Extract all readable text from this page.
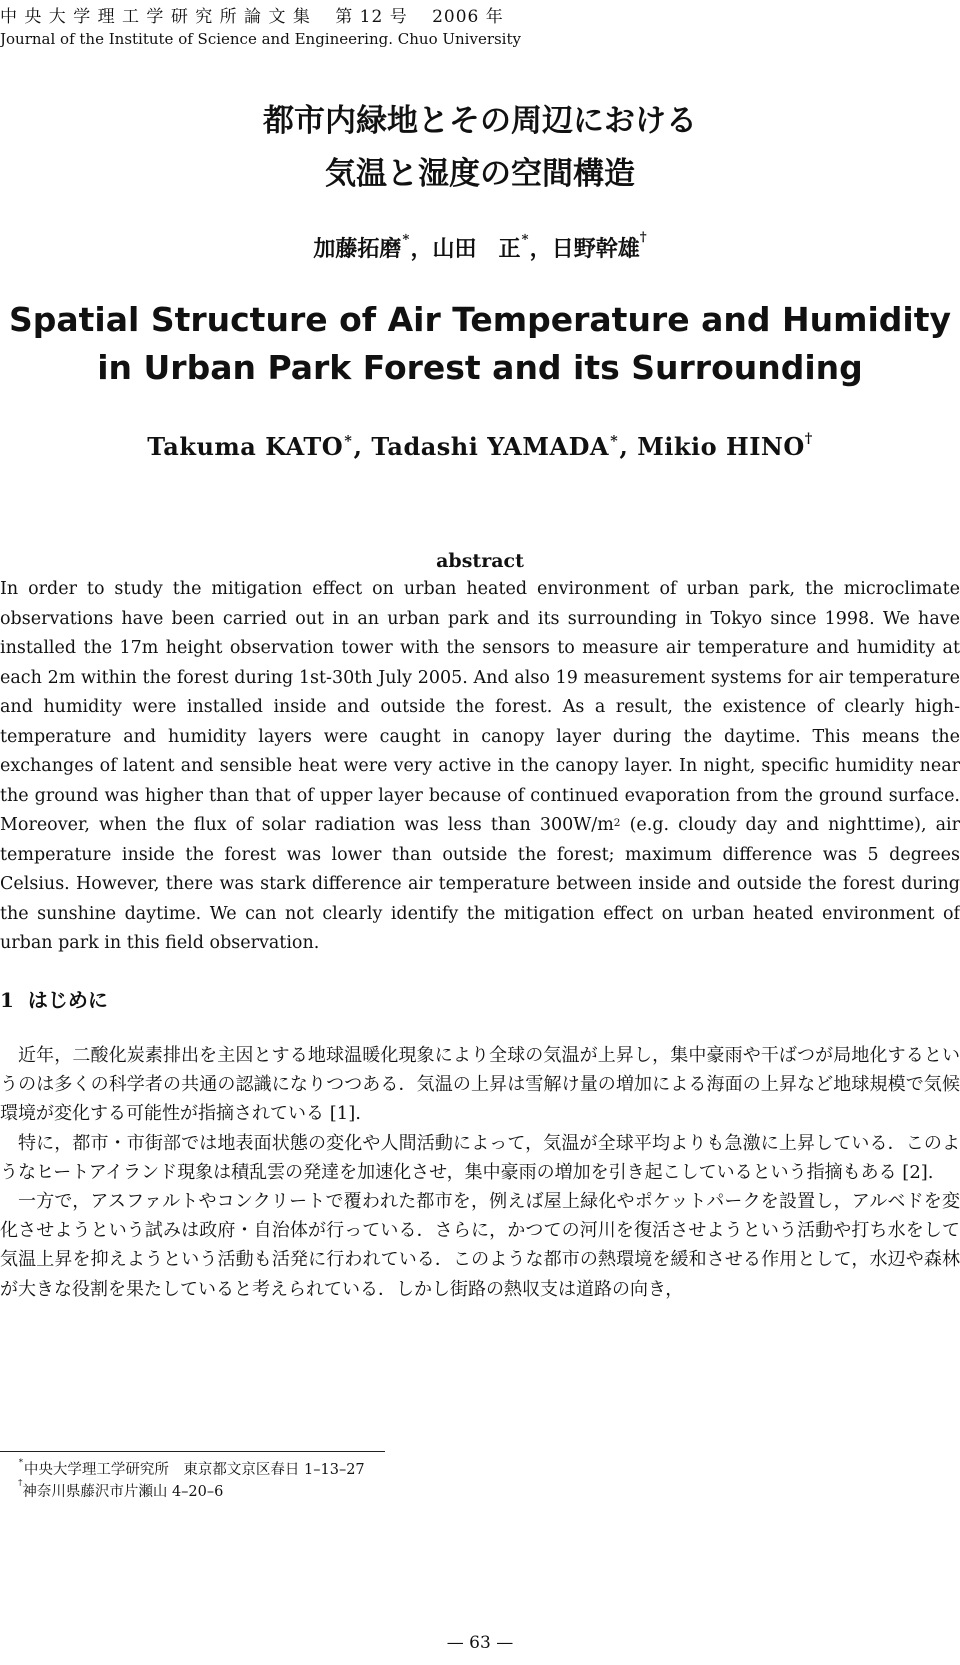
中 央 大 学 理 工 学 研 究 所 論 文 集　 第 12 号　 2006 年
Journal of the Institute of Science and Engineering. Chuo University
都市内緑地とその周辺における
気温と湿度の空間構造
加藤拓磨∗，山田　正∗，日野幹雄†
Spatial Structure of Air Temperature and Humidity
in Urban Park Forest and its Surrounding
Takuma KATO∗, Tadashi YAMADA∗, Mikio HINO†
abstract
In order to study the mitigation effect on urban heated environment of urban park, the microclimate observations have been carried out in an urban park and its surrounding in Tokyo since 1998. We have installed the 17m height observation tower with the sensors to measure air temperature and humidity at each 2m within the forest during 1st-30th July 2005. And also 19 measurement systems for air temperature and humidity were installed inside and outside the forest. As a result, the existence of clearly high- temperature and humidity layers were caught in canopy layer during the daytime. This means the exchanges of latent and sensible heat were very active in the canopy layer. In night, specific humidity near the ground was higher than that of upper layer because of continued evaporation from the ground surface. Moreover, when the flux of solar radiation was less than $300W/m^2$ (e.g. cloudy day and nighttime), air temperature inside the forest was lower than outside the forest; maximum difference was 5 degrees Celsius. However, there was stark difference air temperature between inside and outside the forest during the sunshine daytime. We can not clearly identify the mitigation effect on urban heated environment of urban park in this field observation.
1 はじめに

近年，二酸化炭素排出を主因とする地球温暖化現象により全球の気温が上昇し，集中豪雨や干ばつが局地化するというのは多くの科学者の共通の認識になりつつある．気温の上昇は雪解け量の増加による海面の上昇など地球規模で気候環境が変化する可能性が指摘されている [1].

特に，都市・市街部では地表面状態の変化や人間活動によって，気温が全球平均よりも急激に上昇している．このようなヒートアイランド現象は積乱雲の発達を加速化させ，集中豪雨の増加を引き起こしているという指摘もある [2].

一方で，アスファルトやコンクリートで覆われた都市を，例えば屋上緑化やポケットパークを設置し，アルベドを変化させようという試みは政府・自治体が行っている．さらに，かつての河川を復活させようという活動や打ち水をして気温上昇を抑えようという活動も活発に行われている．このような都市の熱環境を緩和させる作用として，水辺や森林が大きな役割を果たしていると考えられている．しかし街路の熱収支は道路の向き，

∗中央大学理工学研究所　東京都文京区春日 1–13–27
†神奈川県藤沢市片瀬山 4–20–6
— 63 —
